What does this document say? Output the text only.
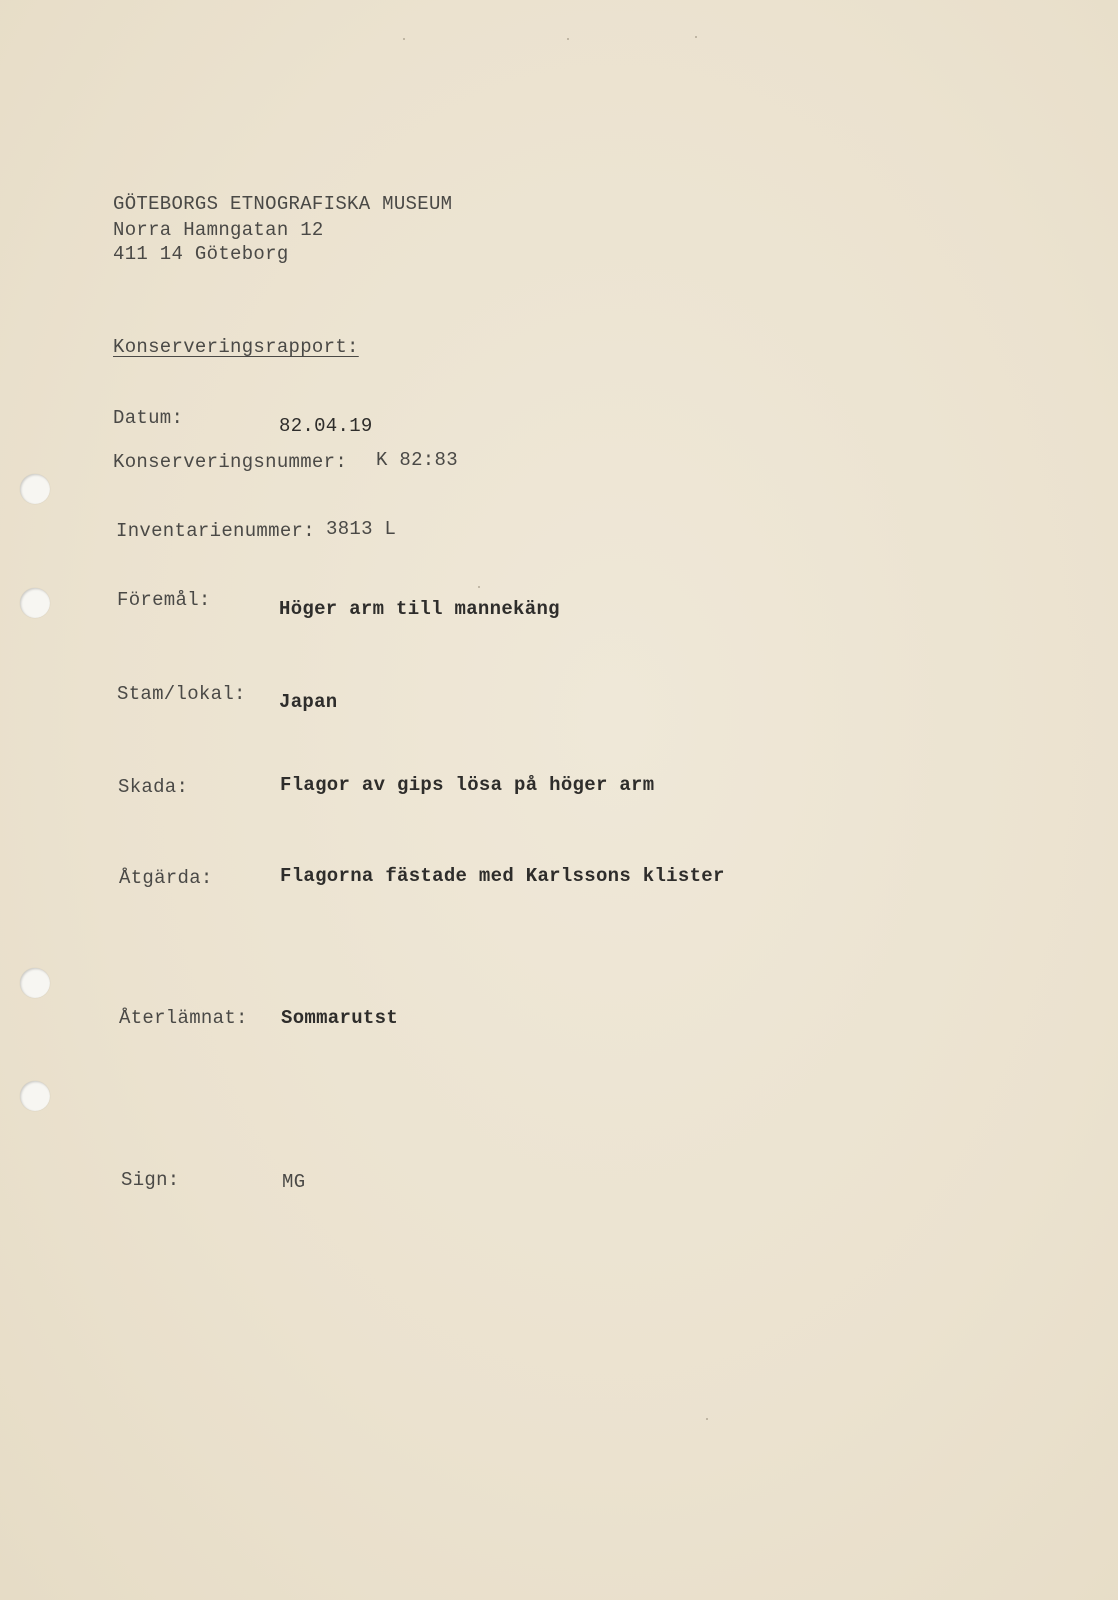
GÖTEBORGS ETNOGRAFISKA MUSEUM
Norra Hamngatan 12
411 14 Göteborg
Konserveringsrapport:
Datum:	82.04.19
Konserveringsnummer: K 82:83
Inventarienummer: 3813 L
Föremål:	Höger arm till mannekäng
Stam/lokal: Japan
Skada:	Flagor av gips lösa på höger arm
Åtgärda:	Flagorna fästade med Karlssons klister
Återlämnat: Sommarutst
Sign:	MG
